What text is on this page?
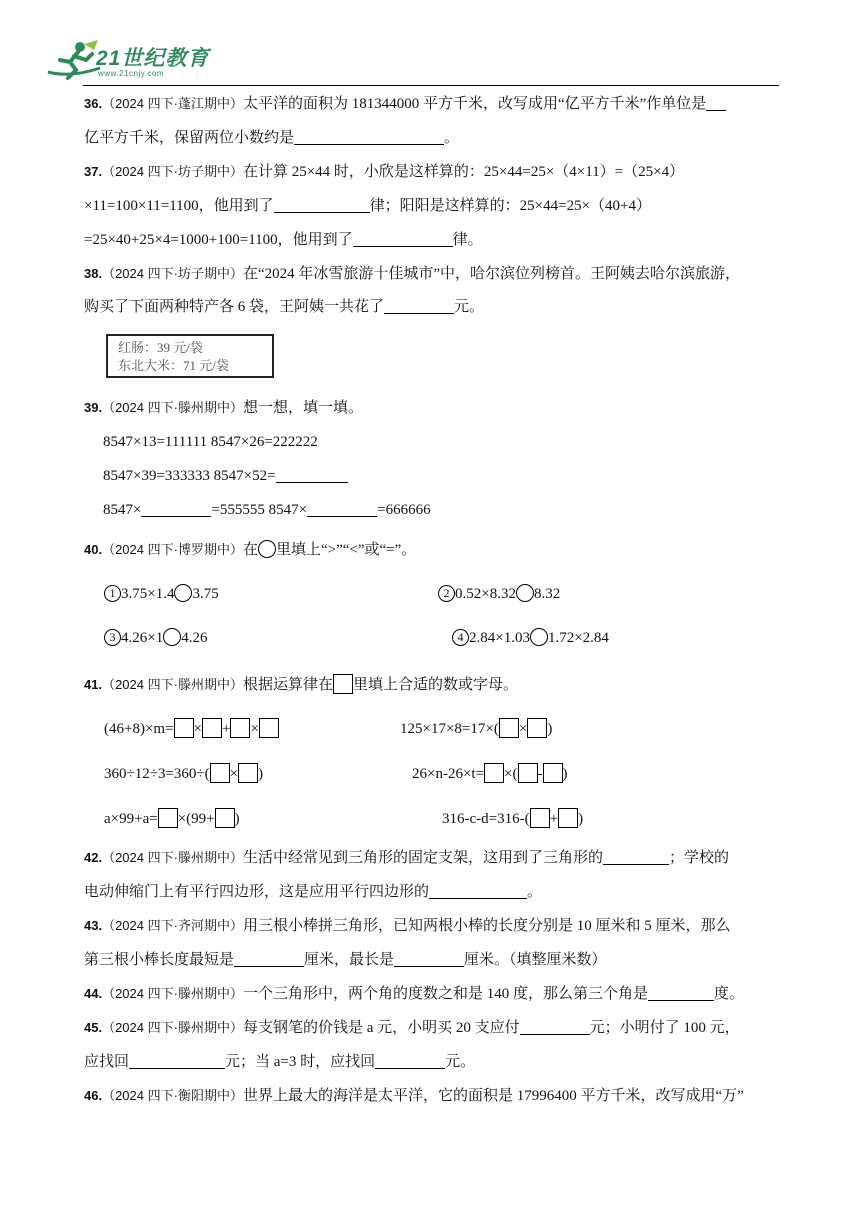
21世纪教育
www.21cnjy.com
36.（2024 四下·蓬江期中）太平洋的面积为 181344000 平方千米，改写成用“亿平方千米”作单位是
亿平方千米，保留两位小数约是	。
37.（2024 四下·坊子期中）在计算 25×44 时，小欣是这样算的：25×44=25×（4×11）=（25×4）
×11=100×11=1100，他用到了	律；阳阳是这样算的：25×44=25×（40+4）
=25×40+25×4=1000+100=1100，他用到了	律。
38.（2024 四下·坊子期中）在“2024 年冰雪旅游十佳城市”中，哈尔滨位列榜首。王阿姨去哈尔滨旅游，
购买了下面两种特产各 6 袋，王阿姨一共花了	元。
红肠：39 元/袋
东北大米：71 元/袋
39.（2024 四下·滕州期中）想一想，填一填。
8547×13=111111 8547×26=222222
8547×39=333333 8547×52=
8547×	=555555 8547×	=666666
40.（2024 四下·博罗期中）在 里填上“>”“<”或“=”。
1 3.75×1.4 3.75	2 0.52×8.32 8.32
3 4.26×1 4.26	4 2.84×1.03 1.72×2.84
41.（2024 四下·滕州期中）根据运算律在 里填上合适的数或字母。
(46+8)×m= × + ×	125×17×8=17×( × )
360÷12÷3=360÷( × )	26×n-26×t= ×( - )
a×99+a= ×(99+ )	316-c-d=316-( + )
42.（2024 四下·滕州期中）生活中经常见到三角形的固定支架，这用到了三角形的	；学校的
电动伸缩门上有平行四边形，这是应用平行四边形的	。
43.（2024 四下·齐河期中）用三根小棒拼三角形，已知两根小棒的长度分别是 10 厘米和 5 厘米，那么
第三根小棒长度最短是	厘米，最长是	厘米。（填整厘米数）
44.（2024 四下·滕州期中）一个三角形中，两个角的度数之和是 140 度，那么第三个角是	度。
45.（2024 四下·滕州期中）每支钢笔的价钱是 a 元，小明买 20 支应付	元；小明付了 100 元，
应找回	元；当 a=3 时，应找回	元。
46.（2024 四下·衡阳期中）世界上最大的海洋是太平洋，它的面积是 17996400 平方千米，改写成用“万”
